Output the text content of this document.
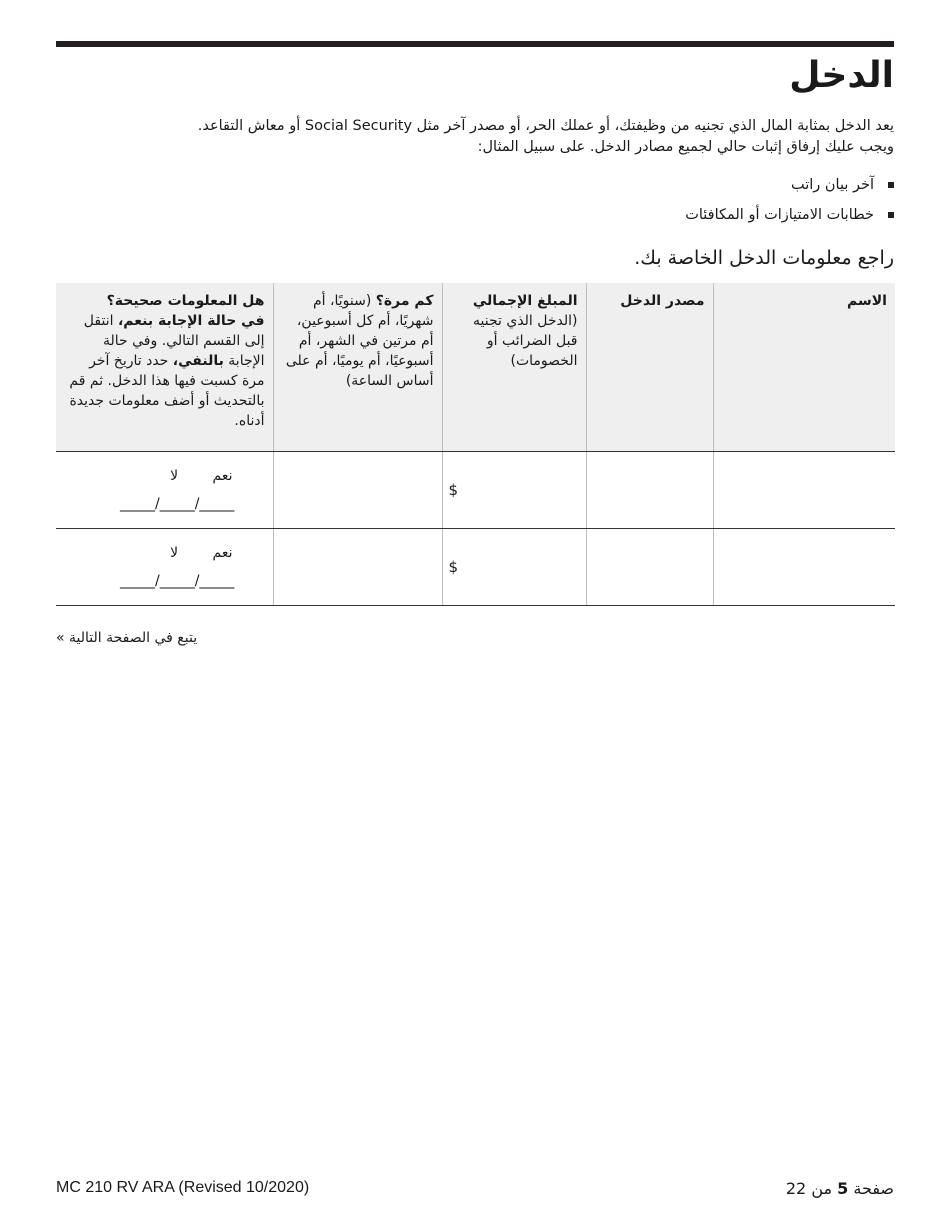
الدخل
يعد الدخل بمثابة المال الذي تجنيه من وظيفتك، أو عملك الحر، أو مصدر آخر مثل Social Security أو معاش التقاعد.
ويجب عليك إرفاق إثبات حالي لجميع مصادر الدخل. على سبيل المثال:
آخر بيان راتب
خطابات الامتيازات أو المكافئات
راجع معلومات الدخل الخاصة بك.
الاسم	مصدر الدخل	المبلغ الإجمالي (الدخل الذي تجنيه قبل الضرائب أو الخصومات)	كم مرة؟ (سنويًا، أم شهريًا، أم كل أسبوعين، أم مرتين في الشهر، أم أسبوعيًا، أم يوميًا، أم على أساس الساعة)	هل المعلومات صحيحة؟
في حالة الإجابة بنعم، انتقل إلى القسم التالي. وفي حالة الإجابة بالنفي، حدد تاريخ آخر مرة كسبت فيها هذا الدخل. ثم قم بالتحديث أو أضف معلومات جديدة أدناه.

		$		نعم لا
_____/_____/_____

		$		نعم لا
_____/_____/_____
يتبع في الصفحة التالية »
MC 210 RV ARA (Revised 10/2020)	صفحة 5 من 22
